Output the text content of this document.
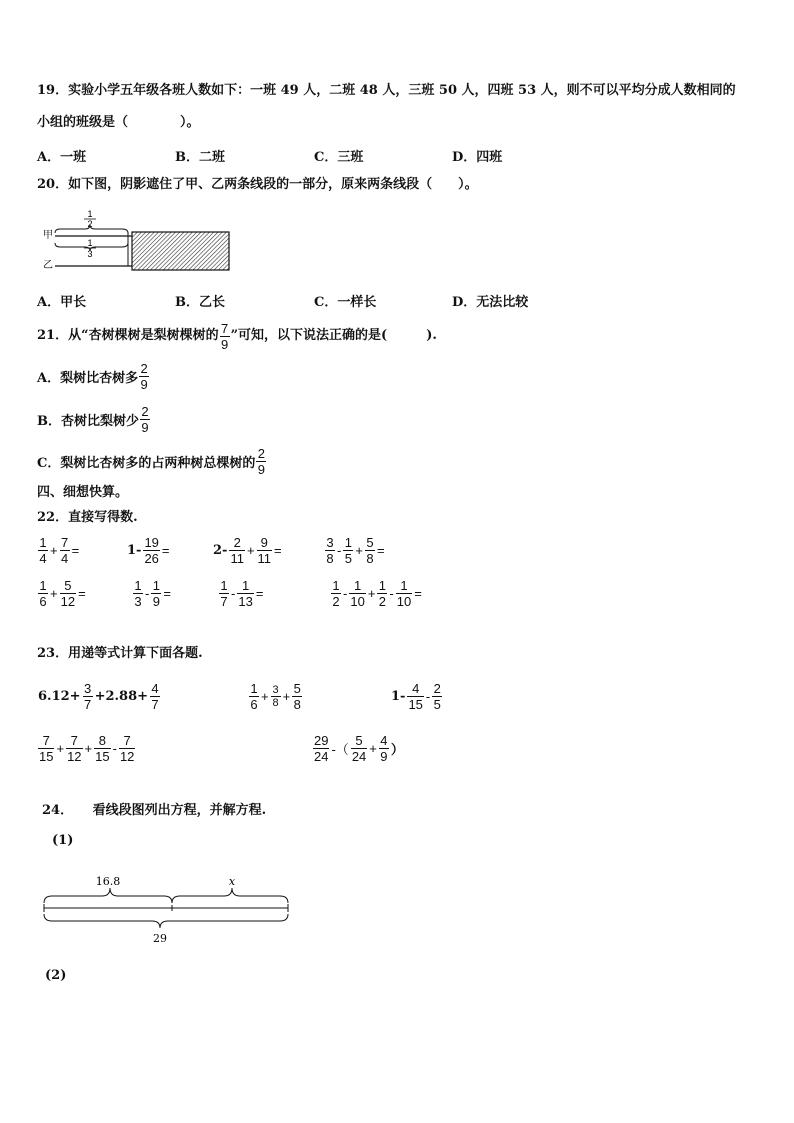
19．实验小学五年级各班人数如下：一班 49 人，二班 48 人，三班 50 人，四班 53 人，则不可以平均分成人数相同的
小组的班级是（　　　　）。
A．一班	B．二班	C．三班	D．四班
20．如下图，阴影遮住了甲、乙两条线段的一部分，原来两条线段（　　）。
1
2
甲
1
3
乙
A．甲长	B．乙长	C．一样长	D．无法比较
21．从“杏树棵树是梨树棵树的 $\frac{7}{9}$ ”可知，以下说法正确的是(　　　).
A．梨树比杏树多 $\frac{2}{9}$
B．杏树比梨树少 $\frac{2}{9}$
C．梨树比杏树多的占两种树总棵树的 $\frac{2}{9}$
四、细想快算。
22．直接写得数.
$\frac{1}{4} + \frac{7}{4}$ =	$1- \frac{19}{26}$ =	$2- \frac{2}{11} + \frac{9}{11}$ =	$\frac{3}{8} - \frac{1}{5} + \frac{5}{8}$ =
$\frac{1}{6} + \frac{5}{12}$ =	$\frac{1}{3} - \frac{1}{9}$ =	$\frac{1}{7} - \frac{1}{13}$ =	$\frac{1}{2} - \frac{1}{10} + \frac{1}{2} - \frac{1}{10}$ =
23．用递等式计算下面各题.
$6.12+ \frac{3}{7} +2.88+ \frac{4}{7}$	$\frac{1}{6} + \frac{3}{8} + \frac{5}{8}$	$1- \frac{4}{15} - \frac{2}{5}$
$\frac{7}{15} + \frac{7}{12} + \frac{8}{15} - \frac{7}{12}$	$\frac{29}{24}$ -（ $\frac{5}{24} + \frac{4}{9}$ ）
24．　　看线段图列出方程，并解方程.
(1)
16.8	x
29
(2)
